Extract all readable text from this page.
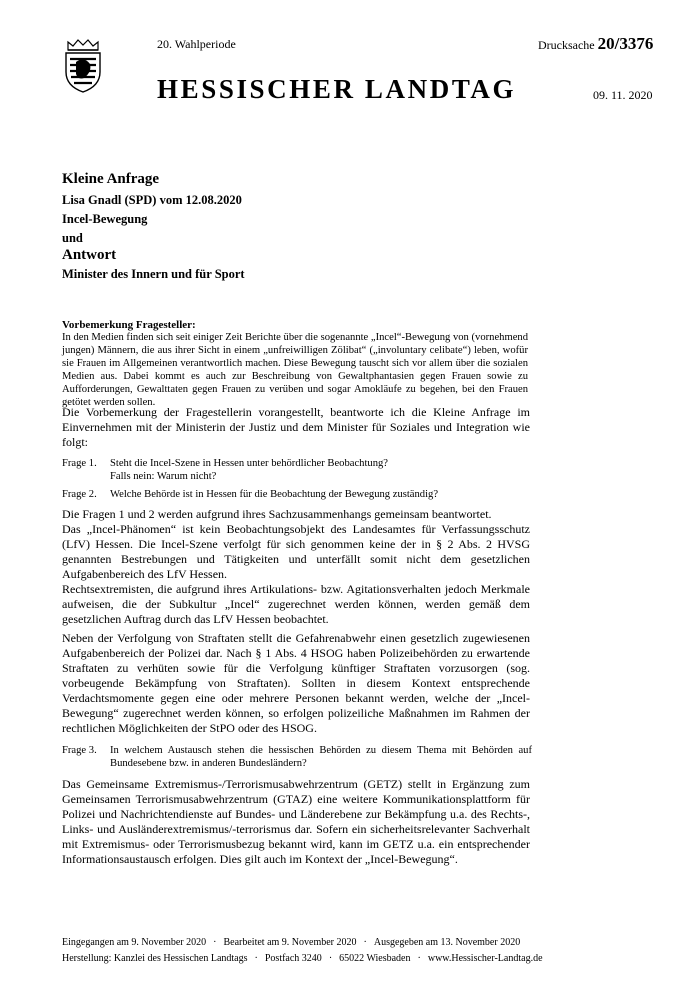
20. Wahlperiode	Drucksache 20/3376
HESSISCHER LANDTAG	09. 11. 2020
Kleine Anfrage
Lisa Gnadl (SPD) vom 12.08.2020
Incel-Bewegung
und
Antwort
Minister des Innern und für Sport
Vorbemerkung Fragesteller:
In den Medien finden sich seit einiger Zeit Berichte über die sogenannte „Incel“-Bewegung von (vornehmend jungen) Männern, die aus ihrer Sicht in einem „unfreiwilligen Zölibat“ („involuntary celibate“) leben, wofür sie Frauen im Allgemeinen verantwortlich machen. Diese Bewegung tauscht sich vor allem über die sozialen Medien aus. Dabei kommt es auch zur Beschreibung von Gewaltphantasien gegen Frauen sowie zu Aufforderungen, Gewalttaten gegen Frauen zu verüben und sogar Amokläufe zu begehen, bei den Frauen getötet werden sollen.

Die Vorbemerkung der Fragestellerin vorangestellt, beantworte ich die Kleine Anfrage im Einvernehmen mit der Ministerin der Justiz und dem Minister für Soziales und Integration wie folgt:

Frage 1. Steht die Incel-Szene in Hessen unter behördlicher Beobachtung?
Falls nein: Warum nicht?
Frage 2. Welche Behörde ist in Hessen für die Beobachtung der Bewegung zuständig?

Die Fragen 1 und 2 werden aufgrund ihres Sachzusammenhangs gemeinsam beantwortet.

Das „Incel-Phänomen“ ist kein Beobachtungsobjekt des Landesamtes für Verfassungsschutz (LfV) Hessen. Die Incel-Szene verfolgt für sich genommen keine der in § 2 Abs. 2 HVSG genannten Bestrebungen und Tätigkeiten und unterfällt somit nicht dem gesetzlichen Aufgabenbereich des LfV Hessen.

Rechtsextremisten, die aufgrund ihres Artikulations- bzw. Agitationsverhalten jedoch Merkmale aufweisen, die der Subkultur „Incel“ zugerechnet werden können, werden gemäß dem gesetzlichen Auftrag durch das LfV Hessen beobachtet.

Neben der Verfolgung von Straftaten stellt die Gefahrenabwehr einen gesetzlich zugewiesenen Aufgabenbereich der Polizei dar. Nach § 1 Abs. 4 HSOG haben Polizeibehörden zu erwartende Straftaten zu verhüten sowie für die Verfolgung künftiger Straftaten vorzusorgen (sog. vorbeugende Bekämpfung von Straftaten). Sollten in diesem Kontext entsprechende Verdachtsmomente gegen eine oder mehrere Personen bekannt werden, welche der „Incel-Bewegung“ zugerechnet werden können, so erfolgen polizeiliche Maßnahmen im Rahmen der rechtlichen Möglichkeiten der StPO oder des HSOG.

Frage 3. In welchem Austausch stehen die hessischen Behörden zu diesem Thema mit Behörden auf Bundesebene bzw. in anderen Bundesländern?

Das Gemeinsame Extremismus-/Terrorismusabwehrzentrum (GETZ) stellt in Ergänzung zum Gemeinsamen Terrorismusabwehrzentrum (GTAZ) eine weitere Kommunikationsplattform für Polizei und Nachrichtendienste auf Bundes- und Länderebene zur Bekämpfung u.a. des Rechts-, Links- und Ausländerextremismus/-terrorismus dar. Sofern ein sicherheitsrelevanter Sachverhalt mit Extremismus- oder Terrorismusbezug bekannt wird, kann im GETZ u.a. ein entsprechender Informationsaustausch erfolgen. Dies gilt auch im Kontext der „Incel-Bewegung“.

Eingegangen am 9. November 2020 · Bearbeitet am 9. November 2020 · Ausgegeben am 13. November 2020
Herstellung: Kanzlei des Hessischen Landtags · Postfach 3240 · 65022 Wiesbaden · www.Hessischer-Landtag.de
